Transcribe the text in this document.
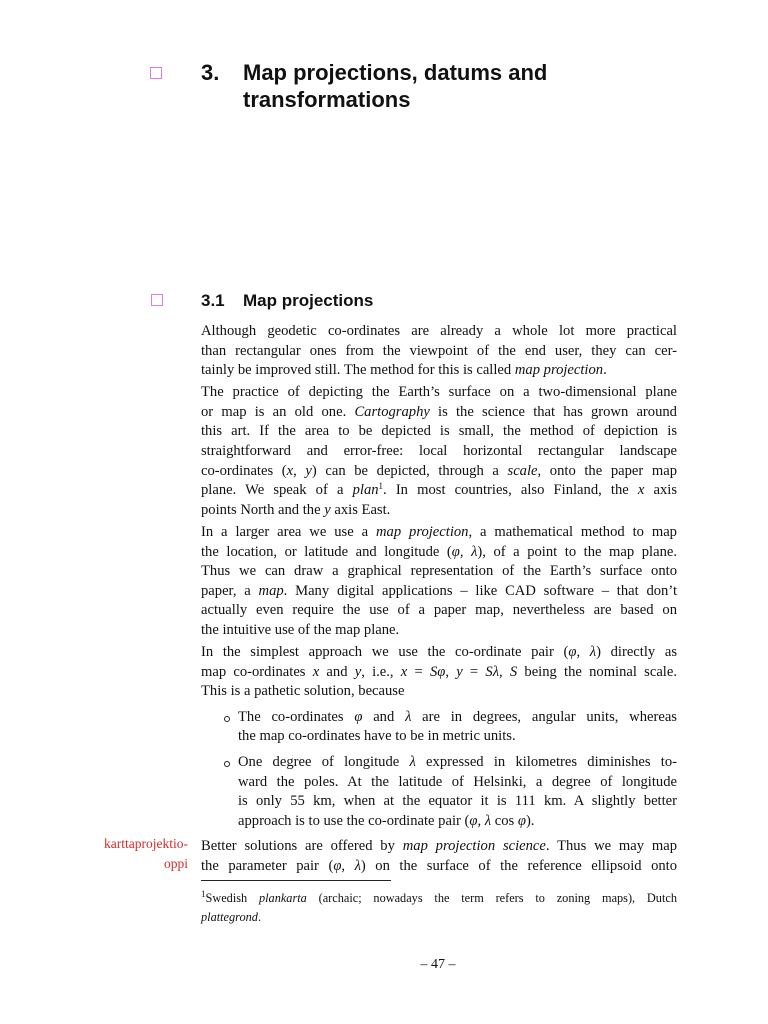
3. Map projections, datums and
transformations
3.1 Map projections
Although geodetic co-ordinates are already a whole lot more practical
than rectangular ones from the viewpoint of the end user, they can cer-
tainly be improved still. The method for this is called map projection.
The practice of depicting the Earth’s surface on a two-dimensional plane
or map is an old one. Cartography is the science that has grown around
this art. If the area to be depicted is small, the method of depiction is
straightforward and error-free: local horizontal rectangular landscape
co-ordinates (x, y) can be depicted, through a scale, onto the paper map
plane. We speak of a plan$^1$. In most countries, also Finland, the x axis
points North and the y axis East.
In a larger area we use a map projection, a mathematical method to map
the location, or latitude and longitude (φ, λ), of a point to the map plane.
Thus we can draw a graphical representation of the Earth’s surface onto
paper, a map. Many digital applications – like CAD software – that don’t
actually even require the use of a paper map, nevertheless are based on
the intuitive use of the map plane.
In the simplest approach we use the co-ordinate pair (φ, λ) directly as
map co-ordinates x and y, i.e., x = Sφ, y = Sλ, S being the nominal scale.
This is a pathetic solution, because
The co-ordinates φ and λ are in degrees, angular units, whereas
the map co-ordinates have to be in metric units.
One degree of longitude λ expressed in kilometres diminishes to-
ward the poles. At the latitude of Helsinki, a degree of longitude
is only 55 km, when at the equator it is 111 km. A slightly better
approach is to use the co-ordinate pair (φ, λ cos φ).
Better solutions are offered by map projection science. Thus we may map
the parameter pair (φ, λ) on the surface of the reference ellipsoid onto
karttaprojektio-
oppi
$^1$Swedish plankarta (archaic; nowadays the term refers to zoning maps), Dutch
plattegrond.
– 47 –
